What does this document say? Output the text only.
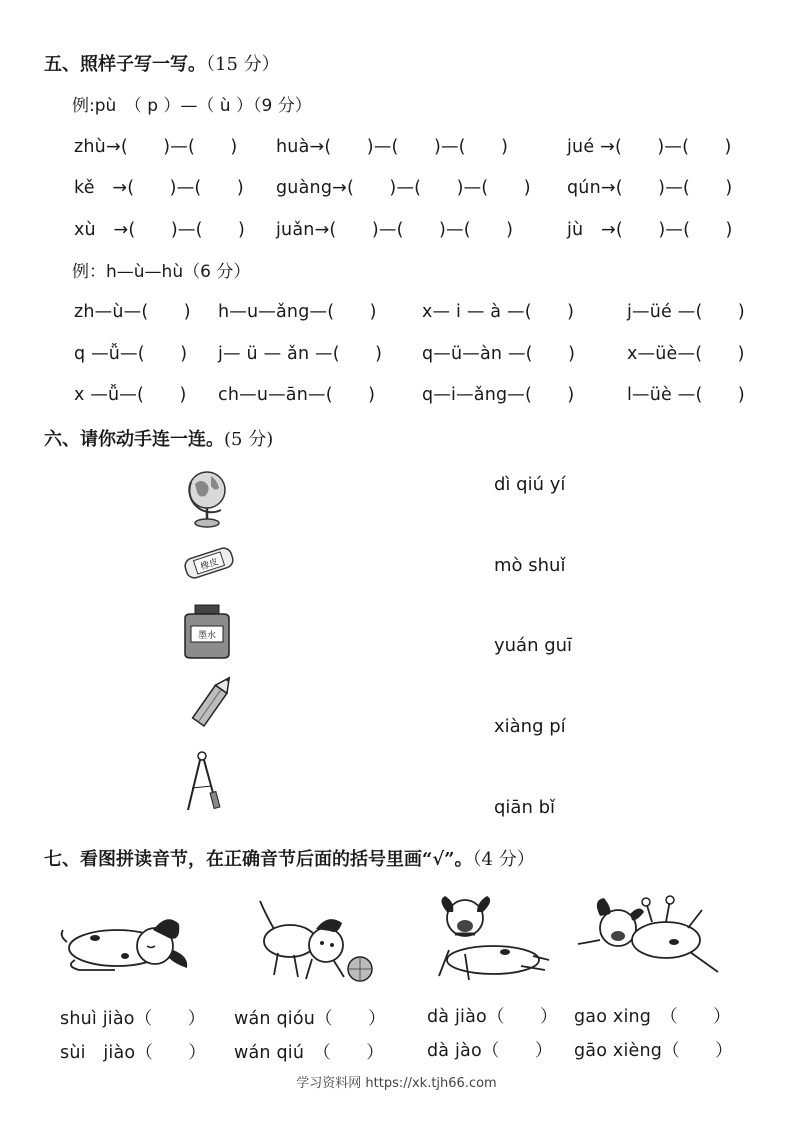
五、照样子写一写。（15 分）
例:pù　（ p ）—（ ù ）（9 分）
zhù→(　　)—(　　) huà→(　　)—(　　)—(　　)	jué →(　　)—(　　)
kě　→(　　)—(　　) guàng→(　　)—(　　)—(　　) qún→(　　)—(　　)
xù　→(　　)—(　　) juǎn→(　　)—(　　)—(　　)	jù　→(　　)—(　　)
例：h—ù—hù（6 分）
zh—ù—(　　) h—u—ǎng—(　　)	x— i — à —(　　)	j—üé —(　　)
q —ǚ—(　　) j— ü — ǎn —(　　) q—ü—àn —(　　)	x—üè—(　　)
x —ǚ—(　　) ch—u—ān—(　　)	q—i—ǎng—(　　)	l—üè —(　　)
六、请你动手连一连。(5 分)
橡皮
墨水
dì qiú yí
mò shuǐ
yuán guī
xiàng pí
qiān bǐ
七、看图拼读音节，在正确音节后面的括号里画“√”。（4 分）
shuì jiào（　　）
sùi　jiào（　　）
wán qióu（　　）
wán qiú　（　　）
dà jiào（　　）
dà jào（　　）
gao xing　（　　）
gāo xièng（　　）
学习资料网 https://xk.tjh66.com
